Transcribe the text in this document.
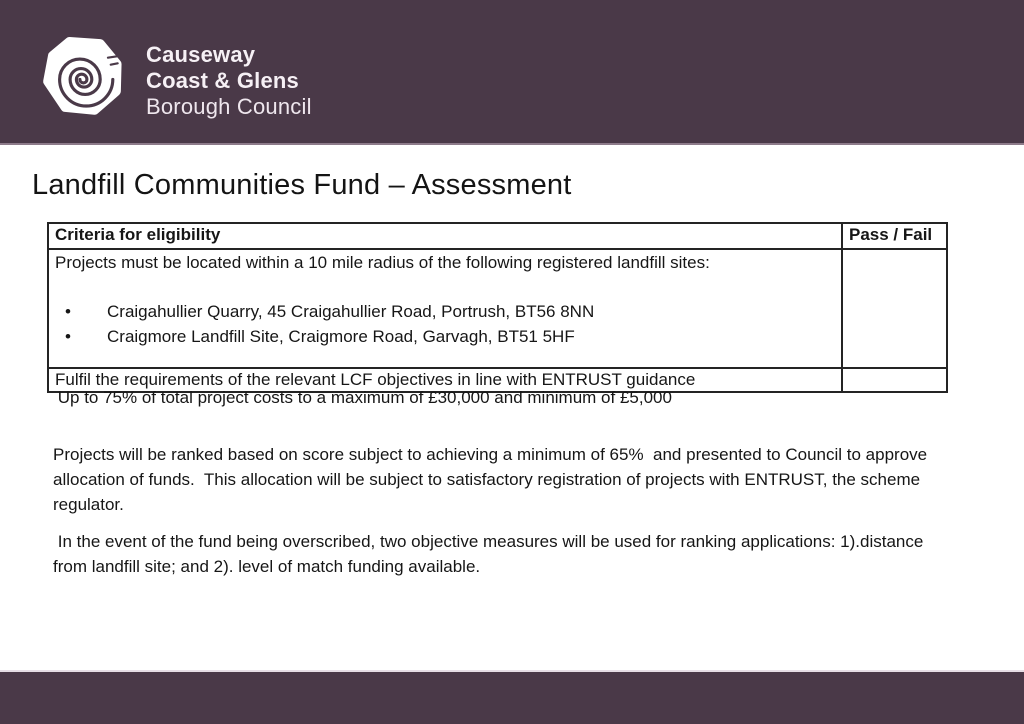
Causeway
Coast & Glens
Borough Council
Landfill Communities Fund – Assessment
Criteria for eligibility	Pass / Fail

Projects must be located within a 10 mile radius of the following registered landfill sites:
• Craigahullier Quarry, 45 Craigahullier Road, Portrush, BT56 8NN
• Craigmore Landfill Site, Craigmore Road, Garvagh, BT51 5HF

Fulfil the requirements of the relevant LCF objectives in line with ENTRUST guidance	

Up to 75% of total project costs to a maximum of £30,000 and minimum of £5,000

Projects will be ranked based on score subject to achieving a minimum of 65%  and presented to Council to approve allocation of funds.  This allocation will be subject to satisfactory registration of projects with ENTRUST, the scheme regulator.

In the event of the fund being overscribed, two objective measures will be used for ranking applications: 1).distance from landfill site; and 2). level of match funding available.
